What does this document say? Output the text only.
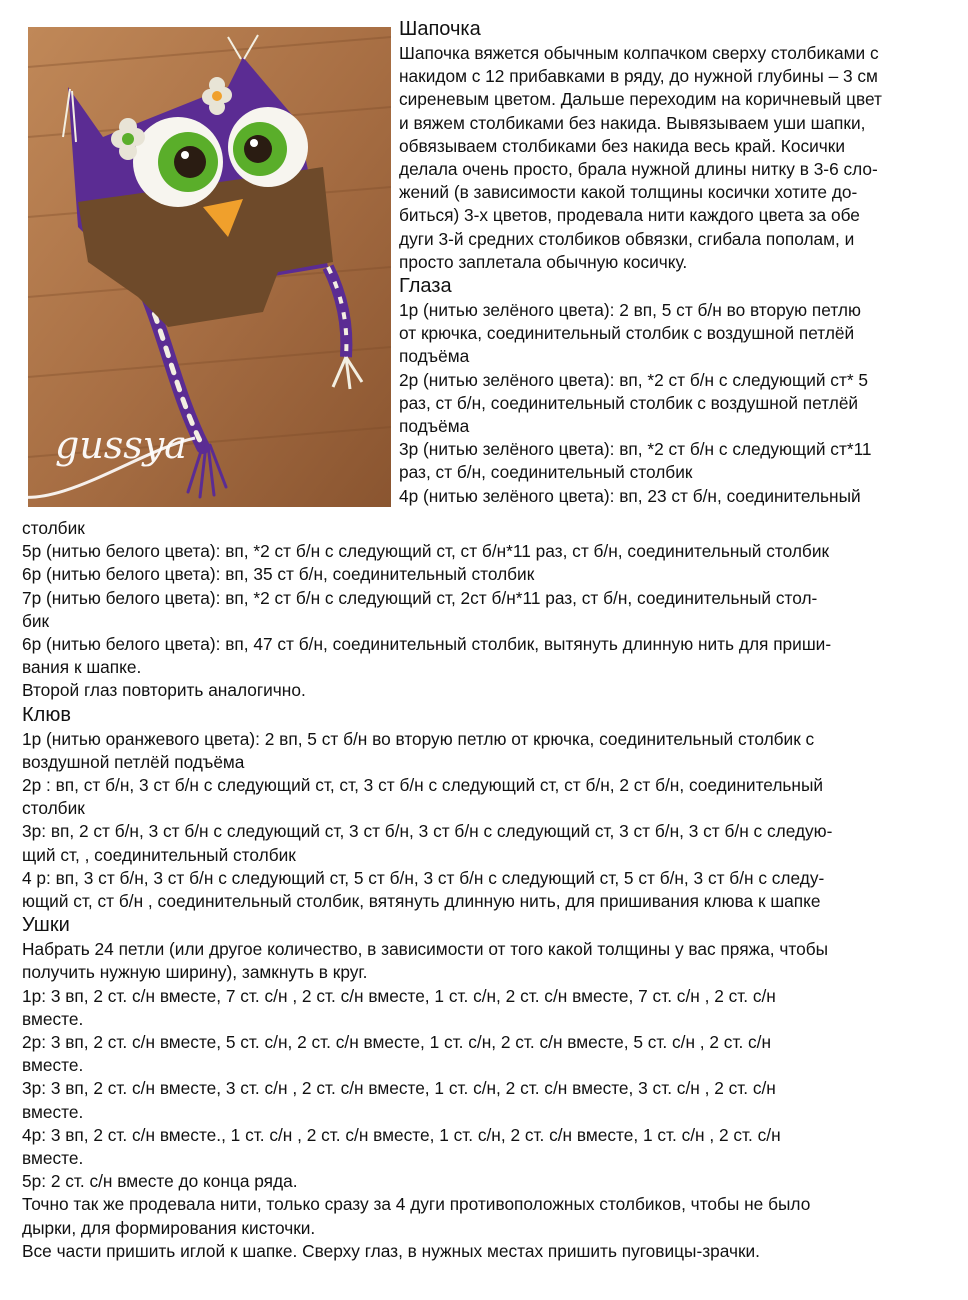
gussya

Шапочка

Шапочка вяжется обычным колпачком сверху столбиками с

накидом с 12 прибавками в ряду, до нужной глубины – 3 см

сиреневым цветом. Дальше переходим на коричневый цвет

и вяжем столбиками без накида. Вывязываем уши шапки,

обвязываем столбиками без накида весь край. Косички

делала очень просто, брала нужной длины нитку в 3-6 сло-

жений (в зависимости какой толщины косички хотите до-

биться) 3-х цветов, продевала нити каждого цвета за обе

дуги 3-й средних столбиков обвязки, сгибала пополам, и

просто заплетала обычную косичку.

Глаза

1р (нитью зелёного цвета): 2 вп, 5 ст б/н во вторую петлю

от крючка, соединительный столбик с воздушной петлёй

подъёма

2р (нитью зелёного цвета): вп, *2 ст б/н с следующий ст* 5

раз, ст б/н, соединительный столбик с воздушной петлёй

подъёма

3р (нитью зелёного цвета): вп, *2 ст б/н с следующий ст*11

раз, ст б/н, соединительный столбик

4р (нитью зелёного цвета): вп, 23 ст б/н, соединительный

столбик

5р (нитью белого цвета): вп, *2 ст б/н с следующий ст, ст б/н*11 раз, ст б/н, соединительный столбик

6р (нитью белого цвета): вп, 35 ст б/н, соединительный столбик

7р (нитью белого цвета): вп, *2 ст б/н с следующий ст, 2ст б/н*11 раз, ст б/н, соединительный стол-

бик

6р (нитью белого цвета): вп, 47 ст б/н, соединительный столбик, вытянуть длинную нить для приши-

вания к шапке.

Второй глаз повторить аналогично.

Клюв

1р (нитью оранжевого цвета): 2 вп, 5 ст б/н во вторую петлю от крючка, соединительный столбик с

воздушной петлёй подъёма

2р : вп, ст б/н, 3 ст б/н с следующий ст, ст, 3 ст б/н с следующий ст, ст б/н, 2 ст б/н, соединительный

столбик

3р: вп, 2 ст б/н, 3 ст б/н с следующий ст, 3 ст б/н, 3 ст б/н с следующий ст, 3 ст б/н, 3 ст б/н с следую-

щий ст, , соединительный столбик

4 р: вп, 3 ст б/н, 3 ст б/н с следующий ст, 5 ст б/н, 3 ст б/н с следующий ст, 5 ст б/н, 3 ст б/н с следу-

ющий ст, ст б/н , соединительный столбик, вятянуть длинную нить, для пришивания клюва к шапке

Ушки

Набрать 24 петли (или другое количество, в зависимости от того какой толщины у вас пряжа, чтобы

получить нужную ширину), замкнуть в круг.

1р: 3 вп, 2 ст. с/н вместе, 7 ст. с/н , 2 ст. с/н вместе, 1 ст. с/н, 2 ст. с/н вместе, 7 ст. с/н , 2 ст. с/н

вместе.

2р: 3 вп, 2 ст. с/н вместе, 5 ст. с/н, 2 ст. с/н вместе, 1 ст. с/н, 2 ст. с/н вместе, 5 ст. с/н , 2 ст. с/н

вместе.

3р: 3 вп, 2 ст. с/н вместе, 3 ст. с/н , 2 ст. с/н вместе, 1 ст. с/н, 2 ст. с/н вместе, 3 ст. с/н , 2 ст. с/н

вместе.

4р: 3 вп, 2 ст. с/н вместе., 1 ст. с/н , 2 ст. с/н вместе, 1 ст. с/н, 2 ст. с/н вместе, 1 ст. с/н , 2 ст. с/н

вместе.

5р: 2 ст. с/н вместе до конца ряда.

Точно так же продевала нити, только сразу за 4 дуги противоположных столбиков, чтобы не было

дырки, для формирования кисточки.

Все части пришить иглой к шапке. Сверху глаз, в нужных местах пришить пуговицы-зрачки.
